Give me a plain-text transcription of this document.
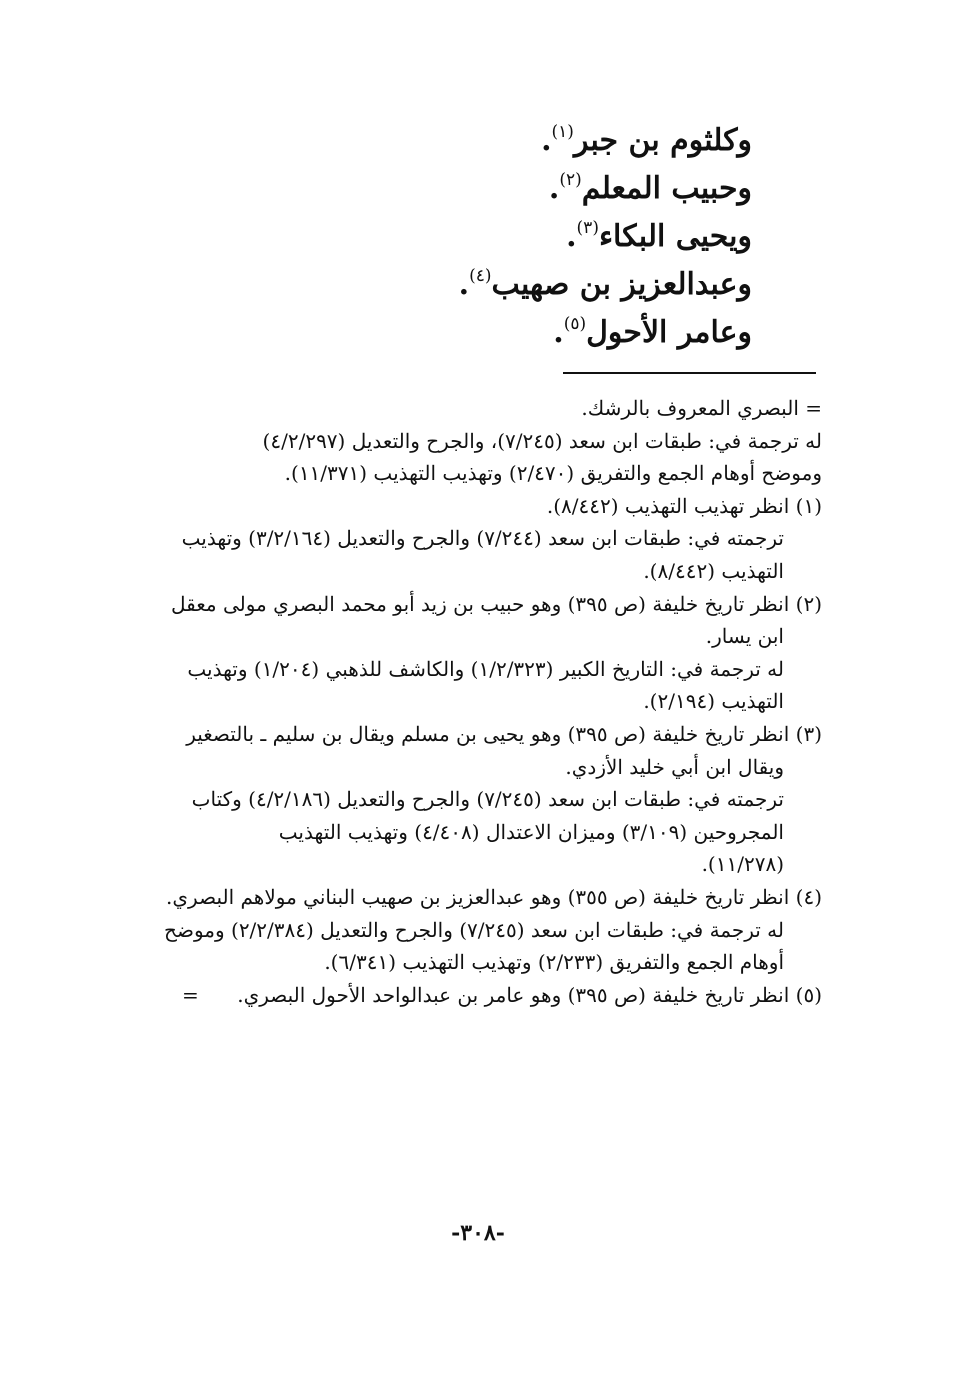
وكلثوم بن جبر$^{(١)}$.
وحبيب المعلم$^{(٢)}$.
ويحيى البكاء$^{(٣)}$.
وعبدالعزيز بن صهيب$^{(٤)}$.
وعامر الأحول$^{(٥)}$.
= البصري المعروف بالرشك.
له ترجمة في: طبقات ابن سعد (٧/٢٤٥)، والجرح والتعديل (٤/٢/٢٩٧)
وموضح أوهام الجمع والتفريق (٢/٤٧٠) وتهذيب التهذيب (١١/٣٧١).
(١) انظر تهذيب التهذيب (٨/٤٤٢).
ترجمته في: طبقات ابن سعد (٧/٢٤٤) والجرح والتعديل (٣/٢/١٦٤) وتهذيب
التهذيب (٨/٤٤٢).
(٢) انظر تاريخ خليفة (ص ٣٩٥) وهو حبيب بن زيد أبو محمد البصري مولى معقل
ابن يسار.
له ترجمة في: التاريخ الكبير (١/٢/٣٢٣) والكاشف للذهبي (١/٢٠٤) وتهذيب
التهذيب (٢/١٩٤).
(٣) انظر تاريخ خليفة (ص ٣٩٥) وهو يحيى بن مسلم ويقال بن سليم ـ بالتصغير
ويقال ابن أبي خليد الأزدي.
ترجمته في: طبقات ابن سعد (٧/٢٤٥) والجرح والتعديل (٤/٢/١٨٦) وكتاب
المجروحين (٣/١٠٩) وميزان الاعتدال (٤/٤٠٨) وتهذيب التهذيب
(١١/٢٧٨).
(٤) انظر تاريخ خليفة (ص ٣٥٥) وهو عبدالعزيز بن صهيب البناني مولاهم البصري.
له ترجمة في: طبقات ابن سعد (٧/٢٤٥) والجرح والتعديل (٢/٢/٣٨٤) وموضح
أوهام الجمع والتفريق (٢/٢٣٣) وتهذيب التهذيب (٦/٣٤١).
(٥) انظر تاريخ خليفة (ص ٣٩٥) وهو عامر بن عبدالواحد الأحول البصري.
=
-٣٠٨-
